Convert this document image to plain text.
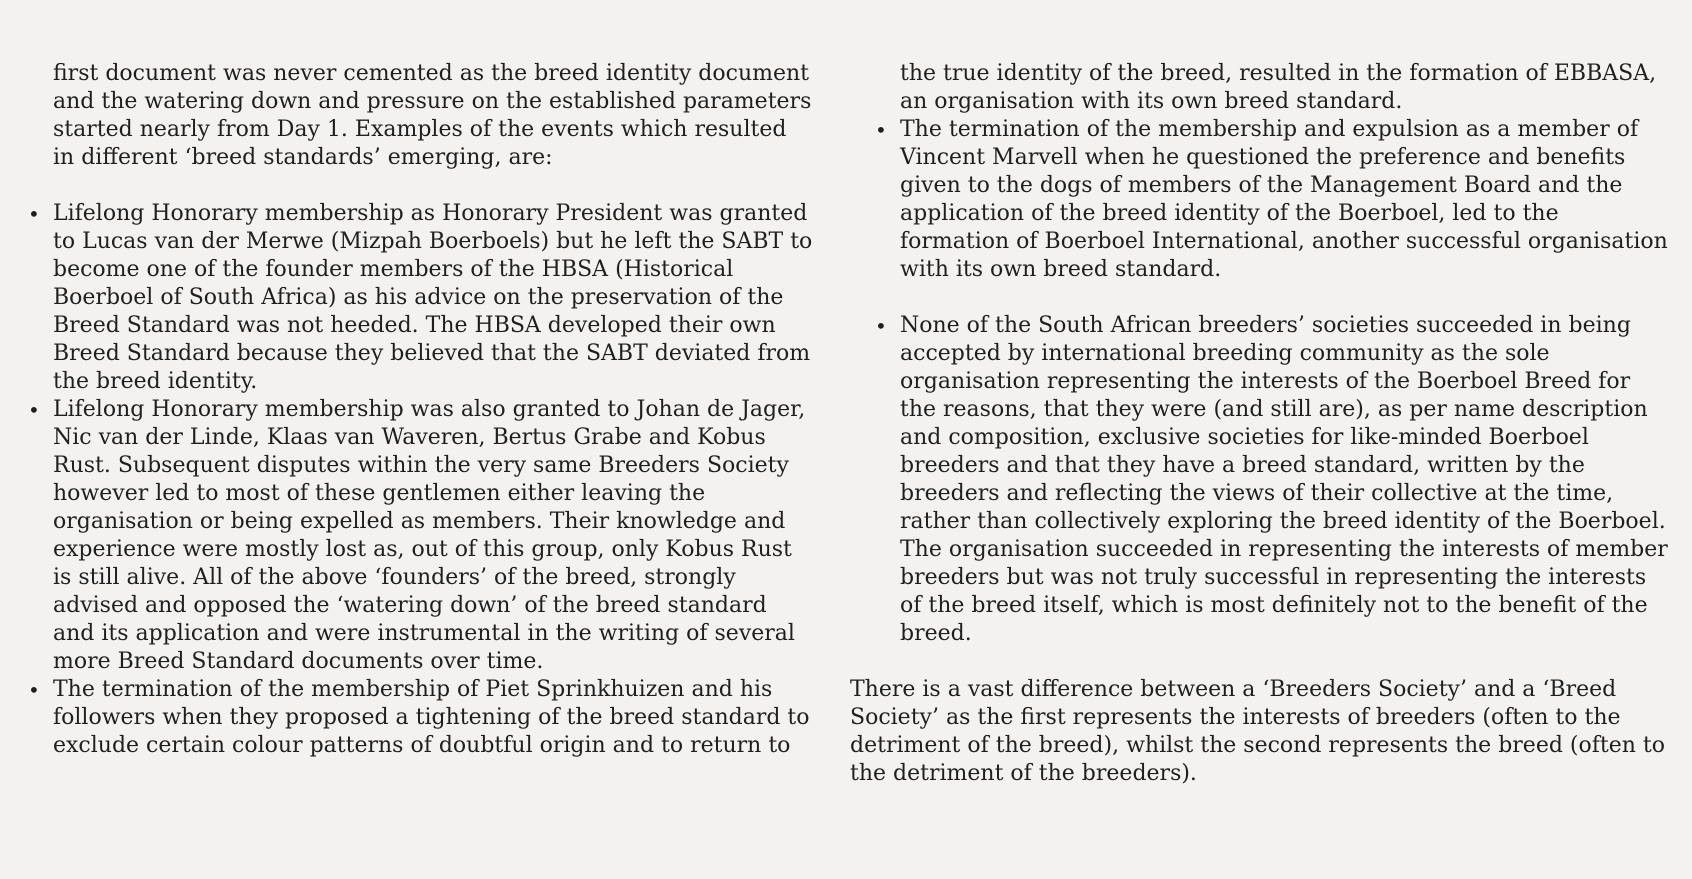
first document was never cemented as the breed identity document and the watering down and pressure on the established parameters started nearly from Day 1. Examples of the events which resulted in different ‘breed standards’ emerging, are:

• Lifelong Honorary membership as Honorary President was granted to Lucas van der Merwe (Mizpah Boerboels) but he left the SABT to become one of the founder members of the HBSA (Historical Boerboel of South Africa) as his advice on the preservation of the Breed Standard was not heeded. The HBSA developed their own Breed Standard because they believed that the SABT deviated from the breed identity.
• Lifelong Honorary membership was also granted to Johan de Jager, Nic van der Linde, Klaas van Waveren, Bertus Grabe and Kobus Rust. Subsequent disputes within the very same Breeders Society however led to most of these gentlemen either leaving the organisation or being expelled as members. Their knowledge and experience were mostly lost as, out of this group, only Kobus Rust is still alive. All of the above ‘founders’ of the breed, strongly advised and opposed the ‘watering down’ of the breed standard and its application and were instrumental in the writing of several more Breed Standard documents over time.
• The termination of the membership of Piet Sprinkhuizen and his followers when they proposed a tightening of the breed standard to exclude certain colour patterns of doubtful origin and to return to

the true identity of the breed, resulted in the formation of EBBASA, an organisation with its own breed standard.

• The termination of the membership and expulsion as a member of Vincent Marvell when he questioned the preference and benefits given to the dogs of members of the Management Board and the application of the breed identity of the Boerboel, led to the formation of Boerboel International, another successful organisation with its own breed standard.
• None of the South African breeders’ societies succeeded in being accepted by international breeding community as the sole organisation representing the interests of the Boerboel Breed for the reasons, that they were (and still are), as per name description and composition, exclusive societies for like-minded Boerboel breeders and that they have a breed standard, written by the breeders and reflecting the views of their collective at the time, rather than collectively exploring the breed identity of the Boerboel. The organisation succeeded in representing the interests of member breeders but was not truly successful in representing the interests of the breed itself, which is most definitely not to the benefit of the breed.

There is a vast difference between a ‘Breeders Society’ and a ‘Breed Society’ as the first represents the interests of breeders (often to the detriment of the breed), whilst the second represents the breed (often to the detriment of the breeders).
